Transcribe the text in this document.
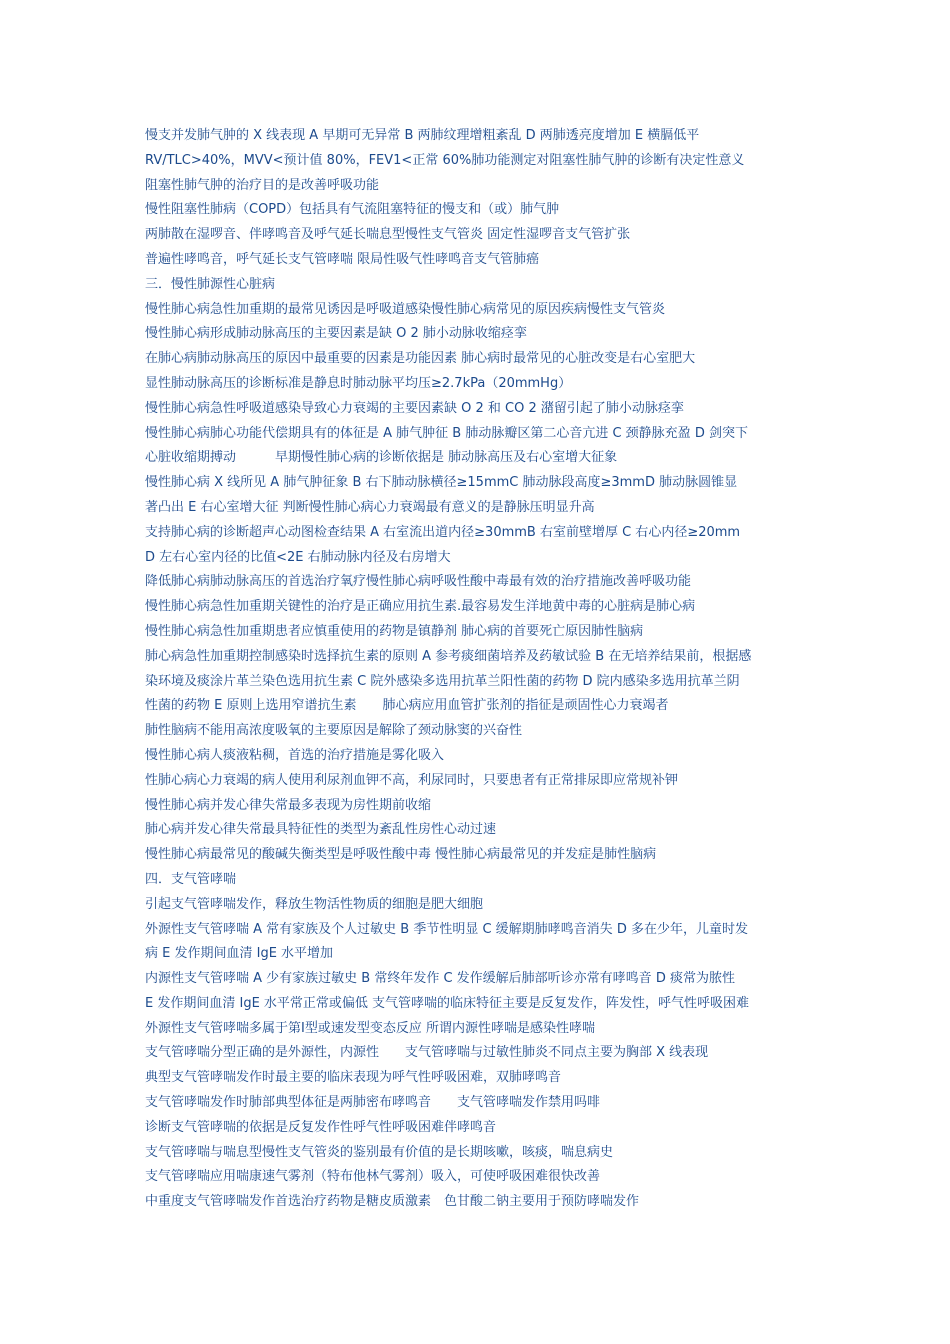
慢支并发肺气肿的 X 线表现 A 早期可无异常 B 两肺纹理增粗紊乱 D 两肺透亮度增加 E 横膈低平
RV/TLC>40%，MVV<预计值 80%，FEV1<正常 60%肺功能测定对阻塞性肺气肿的诊断有决定性意义
阻塞性肺气肿的治疗目的是改善呼吸功能
慢性阻塞性肺病（COPD）包括具有气流阻塞特征的慢支和（或）肺气肿
两肺散在湿啰音、伴哮鸣音及呼气延长喘息型慢性支气管炎 固定性湿啰音支气管扩张
普遍性哮鸣音，呼气延长支气管哮喘 限局性吸气性哮鸣音支气管肺癌
三．慢性肺源性心脏病
慢性肺心病急性加重期的最常见诱因是呼吸道感染慢性肺心病常见的原因疾病慢性支气管炎
慢性肺心病形成肺动脉高压的主要因素是缺 O 2 肺小动脉收缩痉挛
在肺心病肺动脉高压的原因中最重要的因素是功能因素 肺心病时最常见的心脏改变是右心室肥大
显性肺动脉高压的诊断标准是静息时肺动脉平均压≥2.7kPa（20mmHg）
慢性肺心病急性呼吸道感染导致心力衰竭的主要因素缺 O 2 和 CO 2 潴留引起了肺小动脉痉挛
慢性肺心病肺心功能代偿期具有的体征是 A 肺气肿征 B 肺动脉瓣区第二心音亢进 C 颈静脉充盈 D 剑突下
心脏收缩期搏动　　　早期慢性肺心病的诊断依据是 肺动脉高压及右心室增大征象
慢性肺心病 X 线所见 A 肺气肿征象 B 右下肺动脉横径≥15mmC 肺动脉段高度≥3mmD 肺动脉圆锥显
著凸出 E 右心室增大征 判断慢性肺心病心力衰竭最有意义的是静脉压明显升高
支持肺心病的诊断超声心动图检查结果 A 右室流出道内径≥30mmB 右室前壁增厚 C 右心内径≥20mm
D 左右心室内径的比值<2E 右肺动脉内径及右房增大
降低肺心病肺动脉高压的首选治疗氧疗慢性肺心病呼吸性酸中毒最有效的治疗措施改善呼吸功能
慢性肺心病急性加重期关键性的治疗是正确应用抗生素.最容易发生洋地黄中毒的心脏病是肺心病
慢性肺心病急性加重期患者应慎重使用的药物是镇静剂 肺心病的首要死亡原因肺性脑病
肺心病急性加重期控制感染时选择抗生素的原则 A 参考痰细菌培养及药敏试验 B 在无培养结果前，根据感
染环境及痰涂片革兰染色选用抗生素 C 院外感染多选用抗革兰阳性菌的药物 D 院内感染多选用抗革兰阴
性菌的药物 E 原则上选用窄谱抗生素　　肺心病应用血管扩张剂的指征是顽固性心力衰竭者
肺性脑病不能用高浓度吸氧的主要原因是解除了颈动脉窦的兴奋性
慢性肺心病人痰液粘稠，首选的治疗措施是雾化吸入
性肺心病心力衰竭的病人使用利尿剂血钾不高，利尿同时，只要患者有正常排尿即应常规补钾
慢性肺心病并发心律失常最多表现为房性期前收缩
肺心病并发心律失常最具特征性的类型为紊乱性房性心动过速
慢性肺心病最常见的酸碱失衡类型是呼吸性酸中毒 慢性肺心病最常见的并发症是肺性脑病
四．支气管哮喘
引起支气管哮喘发作，释放生物活性物质的细胞是肥大细胞
外源性支气管哮喘 A 常有家族及个人过敏史 B 季节性明显 C 缓解期肺哮鸣音消失 D 多在少年，儿童时发
病 E 发作期间血清 IgE 水平增加
内源性支气管哮喘 A 少有家族过敏史 B 常终年发作 C 发作缓解后肺部听诊亦常有哮鸣音 D 痰常为脓性
E 发作期间血清 IgE 水平常正常或偏低 支气管哮喘的临床特征主要是反复发作，阵发性，呼气性呼吸困难
外源性支气管哮喘多属于第Ⅰ型或速发型变态反应 所谓内源性哮喘是感染性哮喘
支气管哮喘分型正确的是外源性，内源性　　支气管哮喘与过敏性肺炎不同点主要为胸部 X 线表现
典型支气管哮喘发作时最主要的临床表现为呼气性呼吸困难，双肺哮鸣音
支气管哮喘发作时肺部典型体征是两肺密布哮鸣音　　支气管哮喘发作禁用吗啡
诊断支气管哮喘的依据是反复发作性呼气性呼吸困难伴哮鸣音
支气管哮喘与喘息型慢性支气管炎的鉴别最有价值的是长期咳嗽，咳痰，喘息病史
支气管哮喘应用喘康速气雾剂（特布他林气雾剂）吸入，可使呼吸困难很快改善
中重度支气管哮喘发作首选治疗药物是糖皮质激素　色甘酸二钠主要用于预防哮喘发作
